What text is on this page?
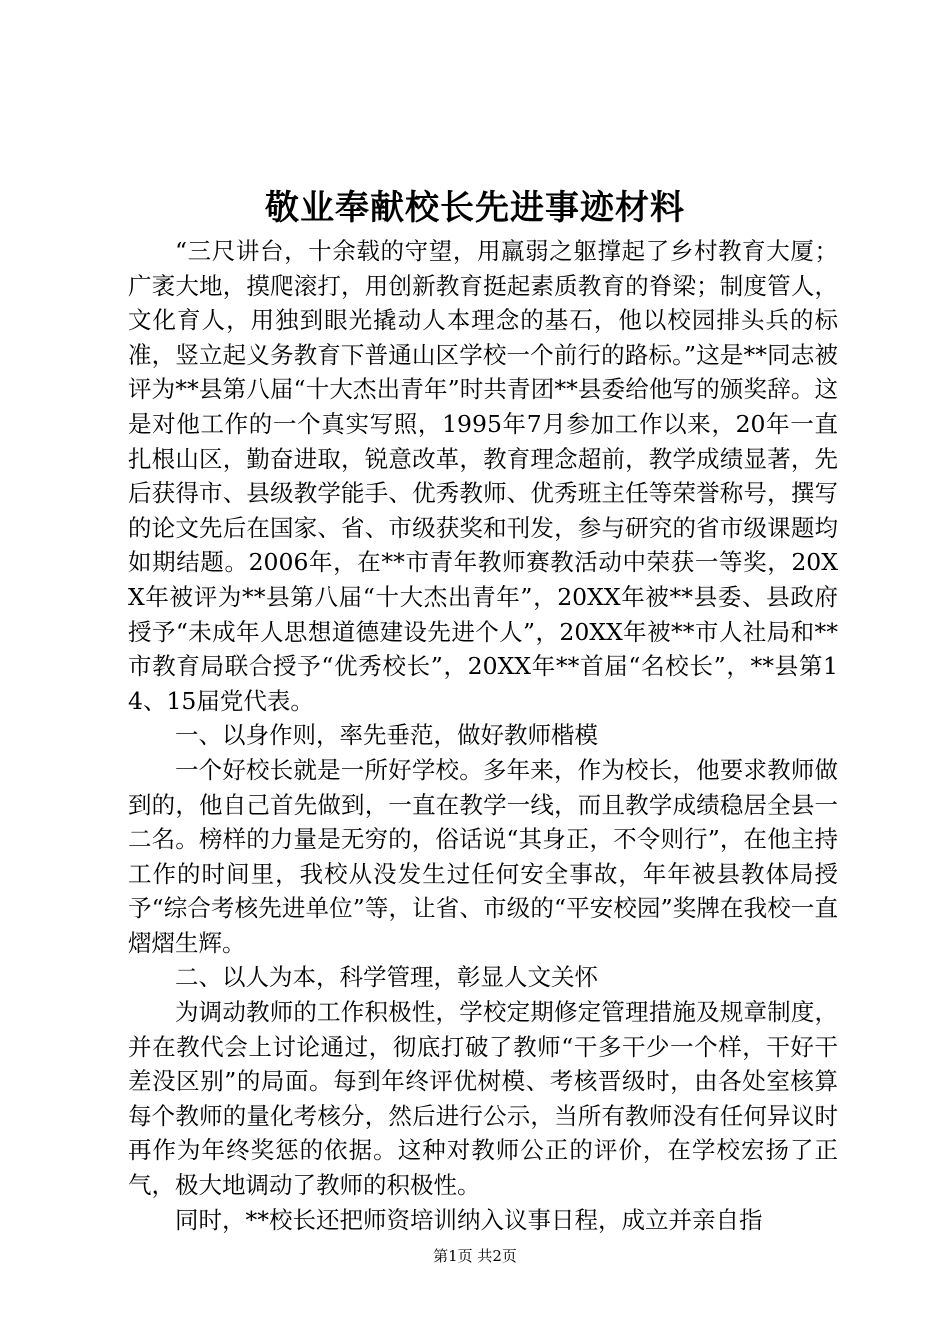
敬业奉献校长先进事迹材料

“三尺讲台，十余载的守望，用羸弱之躯撑起了乡村教育大厦；广袤大地，摸爬滚打，用创新教育挺起素质教育的脊梁；制度管人，文化育人，用独到眼光撬动人本理念的基石，他以校园排头兵的标准，竖立起义务教育下普通山区学校一个前行的路标。”这是**同志被评为**县第八届“十大杰出青年”时共青团**县委给他写的颁奖辞。这是对他工作的一个真实写照，1995年7月参加工作以来，20年一直扎根山区，勤奋进取，锐意改革，教育理念超前，教学成绩显著，先后获得市、县级教学能手、优秀教师、优秀班主任等荣誉称号，撰写的论文先后在国家、省、市级获奖和刊发，参与研究的省市级课题均如期结题。2006年，在**市青年教师赛教活动中荣获一等奖，20XX年被评为**县第八届“十大杰出青年”，20XX年被**县委、县政府授予“未成年人思想道德建设先进个人”，20XX年被**市人社局和**市教育局联合授予“优秀校长”，20XX年**首届“名校长”，**县第14、15届党代表。

一、以身作则，率先垂范，做好教师楷模

一个好校长就是一所好学校。多年来，作为校长，他要求教师做到的，他自己首先做到，一直在教学一线，而且教学成绩稳居全县一二名。榜样的力量是无穷的，俗话说“其身正，不令则行”，在他主持工作的时间里，我校从没发生过任何安全事故，年年被县教体局授予“综合考核先进单位”等，让省、市级的“平安校园”奖牌在我校一直熠熠生辉。

二、以人为本，科学管理，彰显人文关怀

为调动教师的工作积极性，学校定期修定管理措施及规章制度，并在教代会上讨论通过，彻底打破了教师“干多干少一个样，干好干差没区别”的局面。每到年终评优树模、考核晋级时，由各处室核算每个教师的量化考核分，然后进行公示，当所有教师没有任何异议时再作为年终奖惩的依据。这种对教师公正的评价，在学校宏扬了正气，极大地调动了教师的积极性。

同时，**校长还把师资培训纳入议事日程，成立并亲自指

第1页 共2页
